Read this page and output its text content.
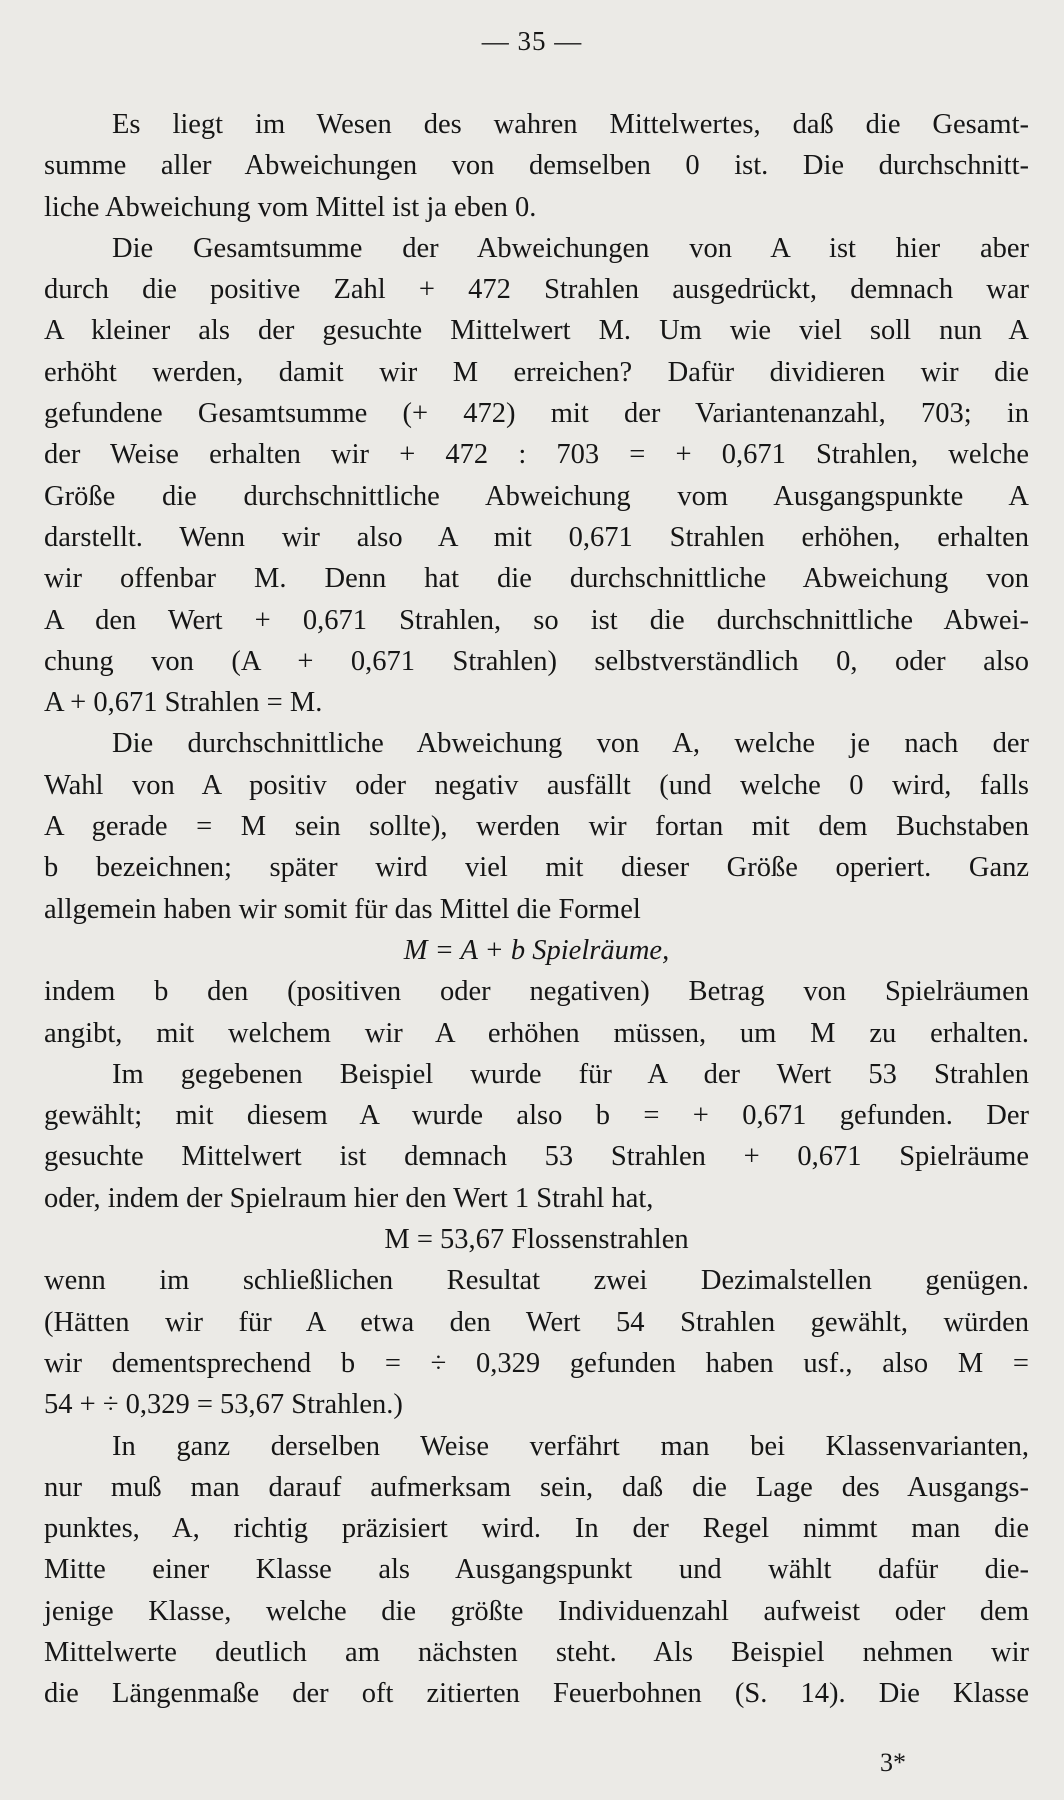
— 35 —
Es liegt im Wesen des wahren Mittelwertes, daß die Gesamt-
summe aller Abweichungen von demselben 0 ist. Die durchschnitt-
liche Abweichung vom Mittel ist ja eben 0.
Die Gesamtsumme der Abweichungen von A ist hier aber
durch die positive Zahl + 472 Strahlen ausgedrückt, demnach war
A kleiner als der gesuchte Mittelwert M. Um wie viel soll nun A
erhöht werden, damit wir M erreichen? Dafür dividieren wir die
gefundene Gesamtsumme (+ 472) mit der Variantenanzahl, 703; in
der Weise erhalten wir + 472 : 703 = + 0,671 Strahlen, welche
Größe die durchschnittliche Abweichung vom Ausgangspunkte A
darstellt. Wenn wir also A mit 0,671 Strahlen erhöhen, erhalten
wir offenbar M. Denn hat die durchschnittliche Abweichung von
A den Wert + 0,671 Strahlen, so ist die durchschnittliche Abwei-
chung von (A + 0,671 Strahlen) selbstverständlich 0, oder also
A + 0,671 Strahlen = M.
Die durchschnittliche Abweichung von A, welche je nach der
Wahl von A positiv oder negativ ausfällt (und welche 0 wird, falls
A gerade = M sein sollte), werden wir fortan mit dem Buchstaben
b bezeichnen; später wird viel mit dieser Größe operiert. Ganz
allgemein haben wir somit für das Mittel die Formel
M = A + b Spielräume,
indem b den (positiven oder negativen) Betrag von Spielräumen
angibt, mit welchem wir A erhöhen müssen, um M zu erhalten.
Im gegebenen Beispiel wurde für A der Wert 53 Strahlen
gewählt; mit diesem A wurde also b = + 0,671 gefunden. Der
gesuchte Mittelwert ist demnach 53 Strahlen + 0,671 Spielräume
oder, indem der Spielraum hier den Wert 1 Strahl hat,
M = 53,67 Flossenstrahlen
wenn im schließlichen Resultat zwei Dezimalstellen genügen.
(Hätten wir für A etwa den Wert 54 Strahlen gewählt, würden
wir dementsprechend b = ÷ 0,329 gefunden haben usf., also M =
54 + ÷ 0,329 = 53,67 Strahlen.)
In ganz derselben Weise verfährt man bei Klassenvarianten,
nur muß man darauf aufmerksam sein, daß die Lage des Ausgangs-
punktes, A, richtig präzisiert wird. In der Regel nimmt man die
Mitte einer Klasse als Ausgangspunkt und wählt dafür die-
jenige Klasse, welche die größte Individuenzahl aufweist oder dem
Mittelwerte deutlich am nächsten steht. Als Beispiel nehmen wir
die Längenmaße der oft zitierten Feuerbohnen (S. 14). Die Klasse
3*
